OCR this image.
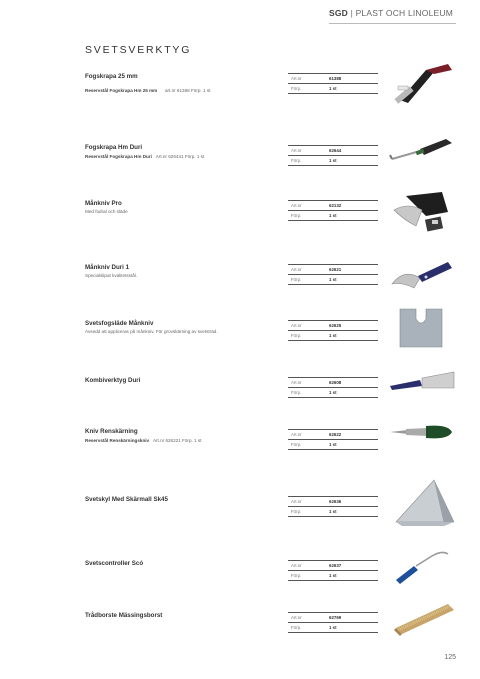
SGD | PLAST OCH LINOLEUM
SVETSVERKTYG
Fogskrapa 25 mm
Reservstål Fogskrapa Hm 25 mm art.nr 61368 Förp. 1 st
Art.nr	61388
Förp.	1 st
Fogskrapa Hm Duri
Reservstål Fogskrapa Hm Duri Art.nr 626441 Förp. 1 st
Art.nr	62644
Förp.	1 st
Månkniv Pro
Med fodral och släde
Art.nr	62132
Förp.	1 st
Månkniv Duri 1
Specialslipat kvalitetsstål.
Art.nr	62621
Förp.	1 st
Svetsfogsläde Månkniv
Avsedd att appliceras på månkniv. För grovskärning av svetsträd.
Art.nr	62625
Förp.	1 st
Kombiverktyg Duri	Art.nr	62608
Förp.	1 st
Kniv Renskärning
Reservstål Renskärningskniv Art.nr 626221 Förp. 1 st
Art.nr	62622
Förp.	1 st
Svetskyl Med Skärmall Sk45	Art.nr	62636
Förp.	1 st
Svetscontroller Scó	Art.nr	62637
Förp.	1 st
Trådborste Mässingsborst	Art.nr	62769
Förp.	1 st
125
